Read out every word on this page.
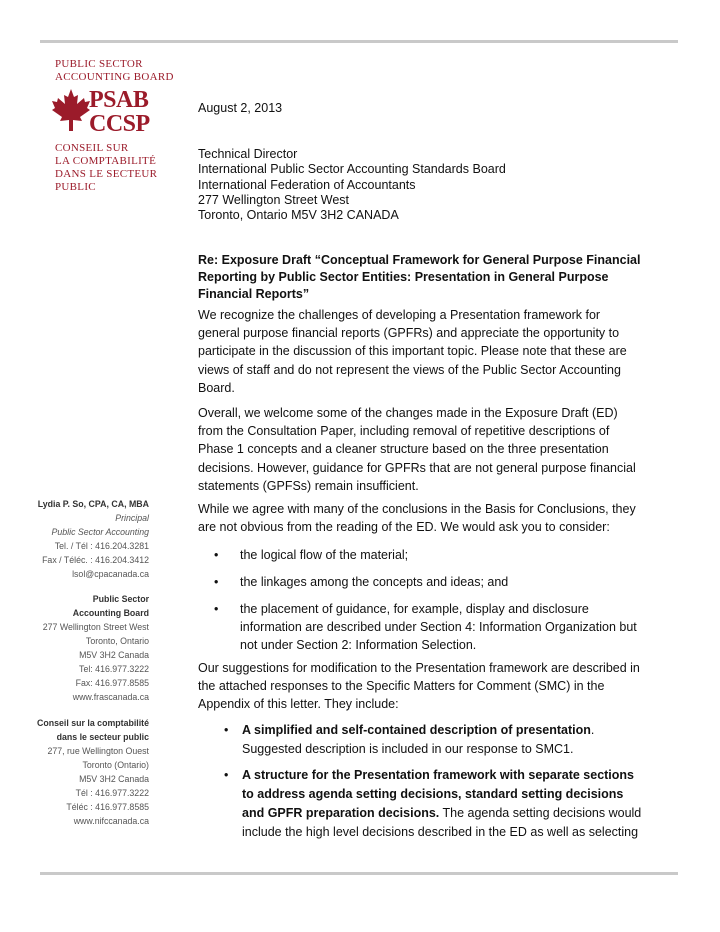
PUBLIC SECTOR
ACCOUNTING BOARD
PSAB
CCSP
CONSEIL SUR
LA COMPTABILITÉ
DANS LE SECTEUR
PUBLIC
August 2, 2013
Technical Director
International Public Sector Accounting Standards Board
International Federation of Accountants
277 Wellington Street West
Toronto, Ontario M5V 3H2 CANADA
Re: Exposure Draft “Conceptual Framework for General Purpose Financial
Reporting by Public Sector Entities: Presentation in General Purpose
Financial Reports”

We recognize the challenges of developing a Presentation framework for

general purpose financial reports (GPFRs) and appreciate the opportunity to

participate in the discussion of this important topic. Please note that these are

views of staff and do not represent the views of the Public Sector Accounting

Board.

Overall, we welcome some of the changes made in the Exposure Draft (ED)

from the Consultation Paper, including removal of repetitive descriptions of

Phase 1 concepts and a cleaner structure based on the three presentation

decisions. However, guidance for GPFRs that are not general purpose financial

statements (GPFSs) remain insufficient.

While we agree with many of the conclusions in the Basis for Conclusions, they

are not obvious from the reading of the ED. We would ask you to consider:

• the logical flow of the material;
• the linkages among the concepts and ideas; and
• the placement of guidance, for example, display and disclosure
information are described under Section 4: Information Organization but
not under Section 2: Information Selection.

Our suggestions for modification to the Presentation framework are described in

the attached responses to the Specific Matters for Comment (SMC) in the

Appendix of this letter. They include:

• A simplified and self-contained description of presentation.
Suggested description is included in our response to SMC1.
• A structure for the Presentation framework with separate sections
to address agenda setting decisions, standard setting decisions
and GPFR preparation decisions. The agenda setting decisions would
include the high level decisions described in the ED as well as selecting
Lydia P. So, CPA, CA, MBA
Principal
Public Sector Accounting
Tel. / Tél : 416.204.3281
Fax / Téléc. : 416.204.3412
lsol@cpacanada.ca
Public Sector
Accounting Board
277 Wellington Street West
Toronto, Ontario
M5V 3H2 Canada
Tel: 416.977.3222
Fax: 416.977.8585
www.frascanada.ca
Conseil sur la comptabilité
dans le secteur public
277, rue Wellington Ouest
Toronto (Ontario)
M5V 3H2 Canada
Tél : 416.977.3222
Téléc : 416.977.8585
www.nifccanada.ca
